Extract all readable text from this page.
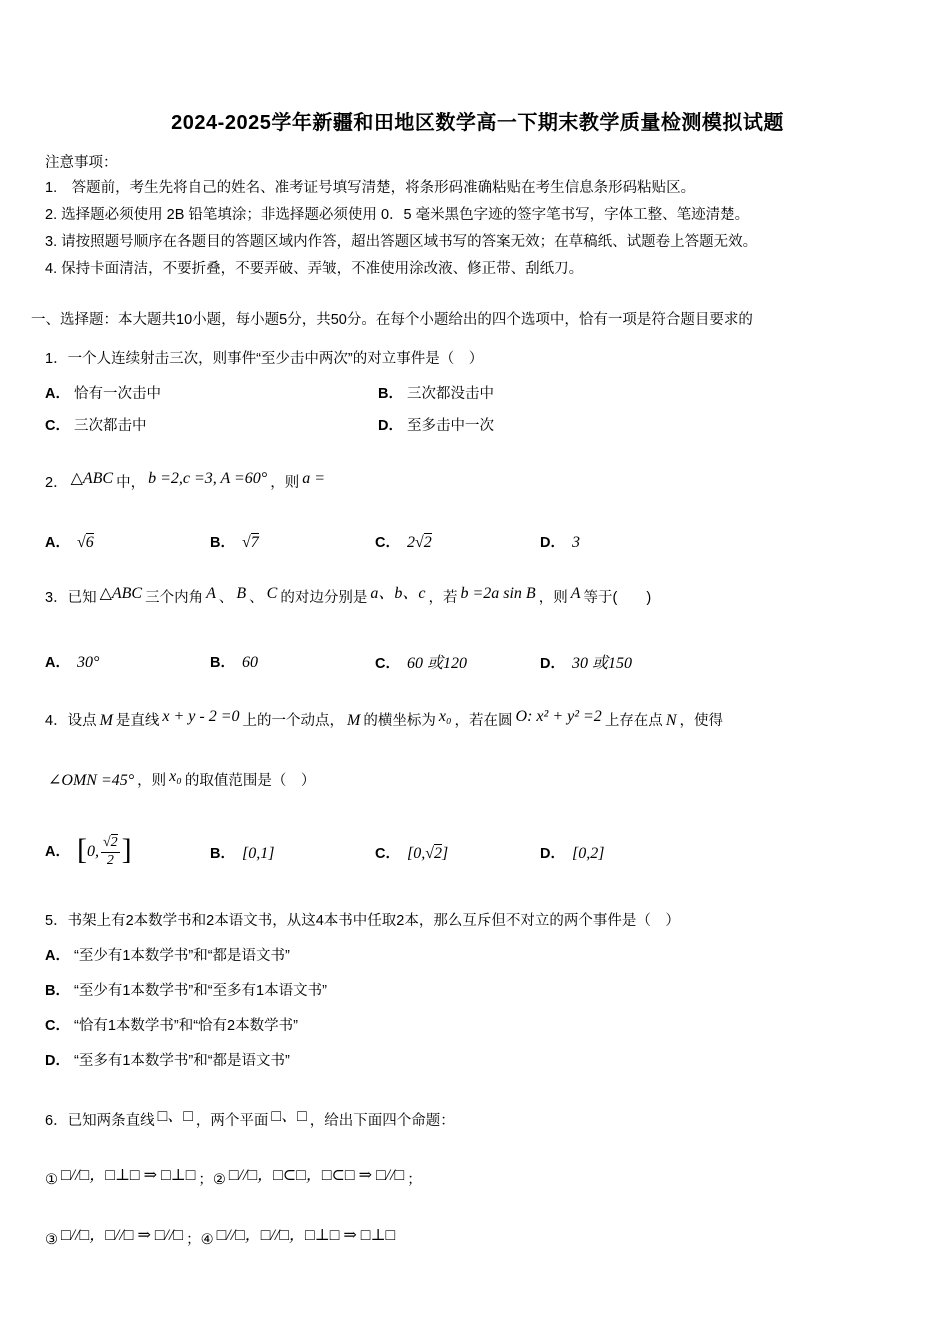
2024-2025学年新疆和田地区数学高一下期末教学质量检测模拟试题
注意事项：
1.　答题前，考生先将自己的姓名、准考证号填写清楚，将条形码准确粘贴在考生信息条形码粘贴区。
2. 选择题必须使用 2B 铅笔填涂；非选择题必须使用 0．5 毫米黑色字迹的签字笔书写，字体工整、笔迹清楚。
3. 请按照题号顺序在各题目的答题区域内作答，超出答题区域书写的答案无效；在草稿纸、试题卷上答题无效。
4. 保持卡面清洁，不要折叠，不要弄破、弄皱，不准使用涂改液、修正带、刮纸刀。
一、选择题：本大题共10小题，每小题5分，共50分。在每个小题给出的四个选项中，恰有一项是符合题目要求的
1．一个人连续射击三次，则事件“至少击中两次”的对立事件是（　）
A． 恰有一次击中	B． 三次都没击中
C． 三次都击中	D． 至多击中一次
2． △ABC 中， b =2,c =3, A =60° ，则 a =
A． √6	B． √7	C． 2√2	D． 3
3．已知 △ABC 三个内角 A 、 B 、 C 的对边分别是 a、b、c ，若 b =2a sin B ，则 A 等于(　　)
A． 30°	B． 60	C． 60 或120	D． 30 或150
4．设点 M 是直线 x + y - 2 =0 上的一个动点， M 的横坐标为 x₀ ，若在圆 O: x² + y² =2 上存在点 N ，使得
∠OMN =45° ，则 x₀ 的取值范围是（　）
A． [0, $\frac{√2}{2}$ ]	B． [0,1]	C． [0,√2]	D． [0,2]
5．书架上有2本数学书和2本语文书，从这4本书中任取2本，那么互斥但不对立的两个事件是（　）
A． “至少有1本数学书”和“都是语文书”
B． “至少有1本数学书”和“至多有1本语文书”
C． “恰有1本数学书”和“恰有2本数学书”
D． “至多有1本数学书”和“都是语文书”
6．已知两条直线 □、□ ，两个平面 □、□ ，给出下面四个命题：
① □//□，□⊥□ ⇒ □⊥□ ；② □//□，□⊂□，□⊂□ ⇒ □//□ ；
③ □//□，□//□ ⇒ □//□ ；④ □//□，□//□，□⊥□ ⇒ □⊥□
